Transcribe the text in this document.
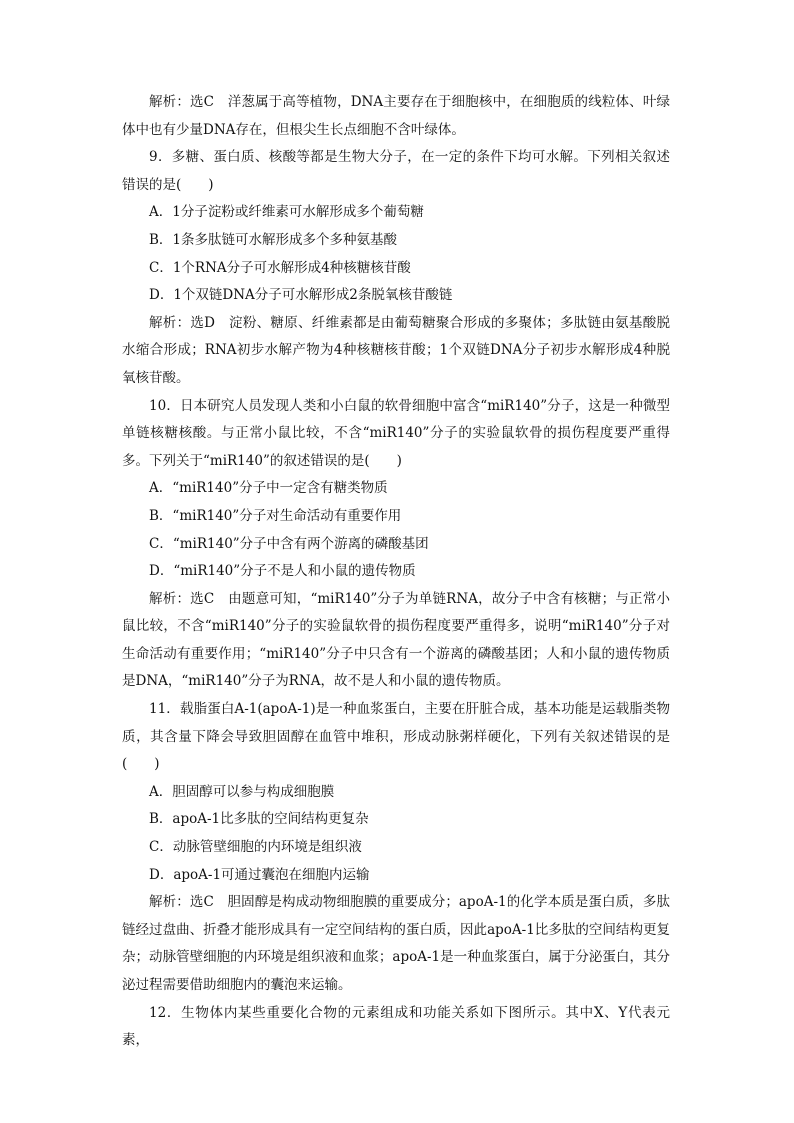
解析：选C　洋葱属于高等植物，DNA主要存在于细胞核中，在细胞质的线粒体、叶绿体中也有少量DNA存在，但根尖生长点细胞不含叶绿体。

9．多糖、蛋白质、核酸等都是生物大分子，在一定的条件下均可水解。下列相关叙述错误的是(　　)

A．1分子淀粉或纤维素可水解形成多个葡萄糖

B．1条多肽链可水解形成多个多种氨基酸

C．1个RNA分子可水解形成4种核糖核苷酸

D．1个双链DNA分子可水解形成2条脱氧核苷酸链

解析：选D　淀粉、糖原、纤维素都是由葡萄糖聚合形成的多聚体；多肽链由氨基酸脱水缩合形成；RNA初步水解产物为4种核糖核苷酸；1个双链DNA分子初步水解形成4种脱氧核苷酸。

10．日本研究人员发现人类和小白鼠的软骨细胞中富含“miR140”分子，这是一种微型单链核糖核酸。与正常小鼠比较，不含“miR140”分子的实验鼠软骨的损伤程度要严重得多。下列关于“miR140”的叙述错误的是(　　)

A．“miR140”分子中一定含有糖类物质

B．“miR140”分子对生命活动有重要作用

C．“miR140”分子中含有两个游离的磷酸基团

D．“miR140”分子不是人和小鼠的遗传物质

解析：选C　由题意可知，“miR140”分子为单链RNA，故分子中含有核糖；与正常小鼠比较，不含“miR140”分子的实验鼠软骨的损伤程度要严重得多，说明“miR140”分子对生命活动有重要作用；“miR140”分子中只含有一个游离的磷酸基团；人和小鼠的遗传物质是DNA，“miR140”分子为RNA，故不是人和小鼠的遗传物质。

11．载脂蛋白A-1(apoA-1)是一种血浆蛋白，主要在肝脏合成，基本功能是运载脂类物质，其含量下降会导致胆固醇在血管中堆积，形成动脉粥样硬化，下列有关叙述错误的是(　　)

A．胆固醇可以参与构成细胞膜

B．apoA-1比多肽的空间结构更复杂

C．动脉管壁细胞的内环境是组织液

D．apoA-1可通过囊泡在细胞内运输

解析：选C　胆固醇是构成动物细胞膜的重要成分；apoA-1的化学本质是蛋白质，多肽链经过盘曲、折叠才能形成具有一定空间结构的蛋白质，因此apoA-1比多肽的空间结构更复杂；动脉管壁细胞的内环境是组织液和血浆；apoA-1是一种血浆蛋白，属于分泌蛋白，其分泌过程需要借助细胞内的囊泡来运输。

12．生物体内某些重要化合物的元素组成和功能关系如下图所示。其中X、Y代表元素，
